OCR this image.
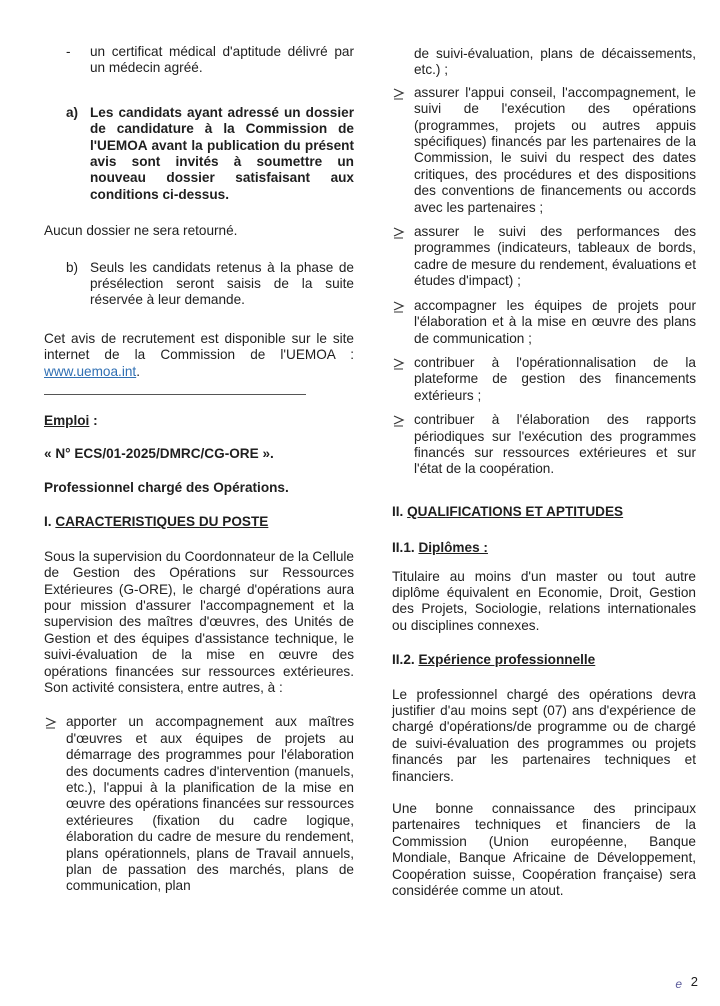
- un certificat médical d'aptitude délivré par un médecin agréé.

a) Les candidats ayant adressé un dossier de candidature à la Commission de l'UEMOA avant la publication du présent avis sont invités à soumettre un nouveau dossier satisfaisant aux conditions ci-dessus.

Aucun dossier ne sera retourné.

b) Seuls les candidats retenus à la phase de présélection seront saisis de la suite réservée à leur demande.

Cet avis de recrutement est disponible sur le site internet de la Commission de l'UEMOA : www.uemoa.int.

Emploi :

« N° ECS/01-2025/DMRC/CG-ORE ».

Professionnel chargé des Opérations.

I. CARACTERISTIQUES DU POSTE

Sous la supervision du Coordonnateur de la Cellule de Gestion des Opérations sur Ressources Extérieures (G-ORE), le chargé d'opérations aura pour mission d'assurer l'accompagnement et la supervision des maîtres d'œuvres, des Unités de Gestion et des équipes d'assistance technique, le suivi-évaluation de la mise en œuvre des opérations financées sur ressources extérieures. Son activité consistera, entre autres, à :

apporter un accompagnement aux maîtres d'œuvres et aux équipes de projets au démarrage des programmes pour l'élaboration des documents cadres d'intervention (manuels, etc.), l'appui à la planification de la mise en œuvre des opérations financées sur ressources extérieures (fixation du cadre logique, élaboration du cadre de mesure du rendement, plans opérationnels, plans de Travail annuels, plan de passation des marchés, plans de communication, plan

de suivi-évaluation, plans de décaissements, etc.) ;

assurer l'appui conseil, l'accompagnement, le suivi de l'exécution des opérations (programmes, projets ou autres appuis spécifiques) financés par les partenaires de la Commission, le suivi du respect des dates critiques, des procédures et des dispositions des conventions de financements ou accords avec les partenaires ;

assurer le suivi des performances des programmes (indicateurs, tableaux de bords, cadre de mesure du rendement, évaluations et études d'impact) ;

accompagner les équipes de projets pour l'élaboration et à la mise en œuvre des plans de communication ;

contribuer à l'opérationnalisation de la plateforme de gestion des financements extérieurs ;

contribuer à l'élaboration des rapports périodiques sur l'exécution des programmes financés sur ressources extérieures et sur l'état de la coopération.

II. QUALIFICATIONS ET APTITUDES

II.1. Diplômes :

Titulaire au moins d'un master ou tout autre diplôme équivalent en Economie, Droit, Gestion des Projets, Sociologie, relations internationales ou disciplines connexes.

II.2. Expérience professionnelle

Le professionnel chargé des opérations devra justifier d'au moins sept (07) ans d'expérience de chargé d'opérations/de programme ou de chargé de suivi-évaluation des programmes ou projets financés par les partenaires techniques et financiers.

Une bonne connaissance des principaux partenaires techniques et financiers de la Commission (Union européenne, Banque Mondiale, Banque Africaine de Développement, Coopération suisse, Coopération française) sera considérée comme un atout.

e 2
